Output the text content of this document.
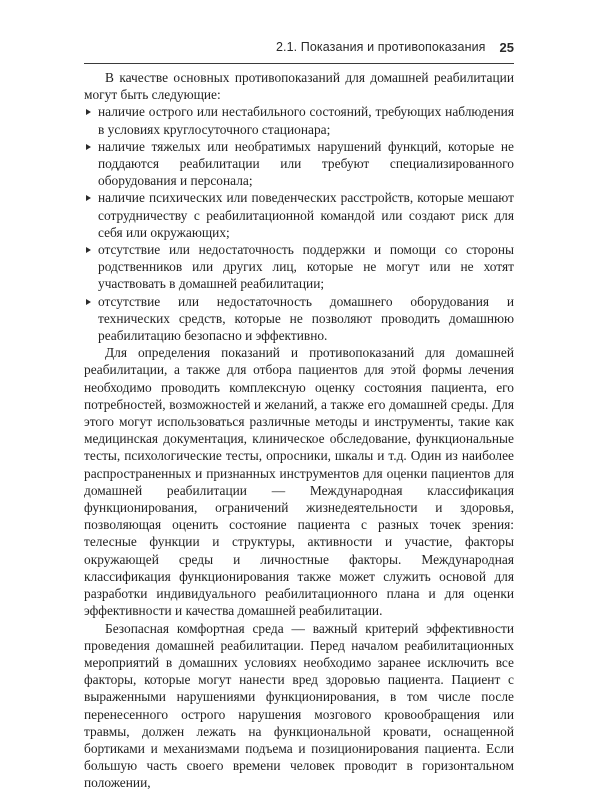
2.1. Показания и противопоказания 25

В качестве основных противопоказаний для домашней реабилитации могут быть следующие:

наличие острого или нестабильного состояний, требующих наблюдения в условиях круглосуточного стационара;
наличие тяжелых или необратимых нарушений функций, которые не поддаются реабилитации или требуют специализированного оборудования и персонала;
наличие психических или поведенческих расстройств, которые мешают сотрудничеству с реабилитационной командой или создают риск для себя или окружающих;
отсутствие или недостаточность поддержки и помощи со стороны родственников или других лиц, которые не могут или не хотят участвовать в домашней реабилитации;
отсутствие или недостаточность домашнего оборудования и технических средств, которые не позволяют проводить домашнюю реабилитацию безопасно и эффективно.

Для определения показаний и противопоказаний для домашней реабилитации, а также для отбора пациентов для этой формы лечения необходимо проводить комплексную оценку состояния пациента, его потребностей, возможностей и желаний, а также его домашней среды. Для этого могут использоваться различные методы и инструменты, такие как медицинская документация, клиническое обследование, функциональные тесты, психологические тесты, опросники, шкалы и т.д. Один из наиболее распространенных и признанных инструментов для оценки пациентов для домашней реабилитации — Международная классификация функционирования, ограничений жизнедеятельности и здоровья, позволяющая оценить состояние пациента с разных точек зрения: телесные функции и структуры, активности и участие, факторы окружающей среды и личностные факторы. Международная классификация функционирования также может служить основой для разработки индивидуального реабилитационного плана и для оценки эффективности и качества домашней реабилитации.

Безопасная комфортная среда — важный критерий эффективности проведения домашней реабилитации. Перед началом реабилитационных мероприятий в домашних условиях необходимо заранее исключить все факторы, которые могут нанести вред здоровью пациента. Пациент с выраженными нарушениями функционирования, в том числе после перенесенного острого нарушения мозгового кровообращения или травмы, должен лежать на функциональной кровати, оснащенной бортиками и механизмами подъема и позиционирования пациента. Если большую часть своего времени человек проводит в горизонтальном положении,
